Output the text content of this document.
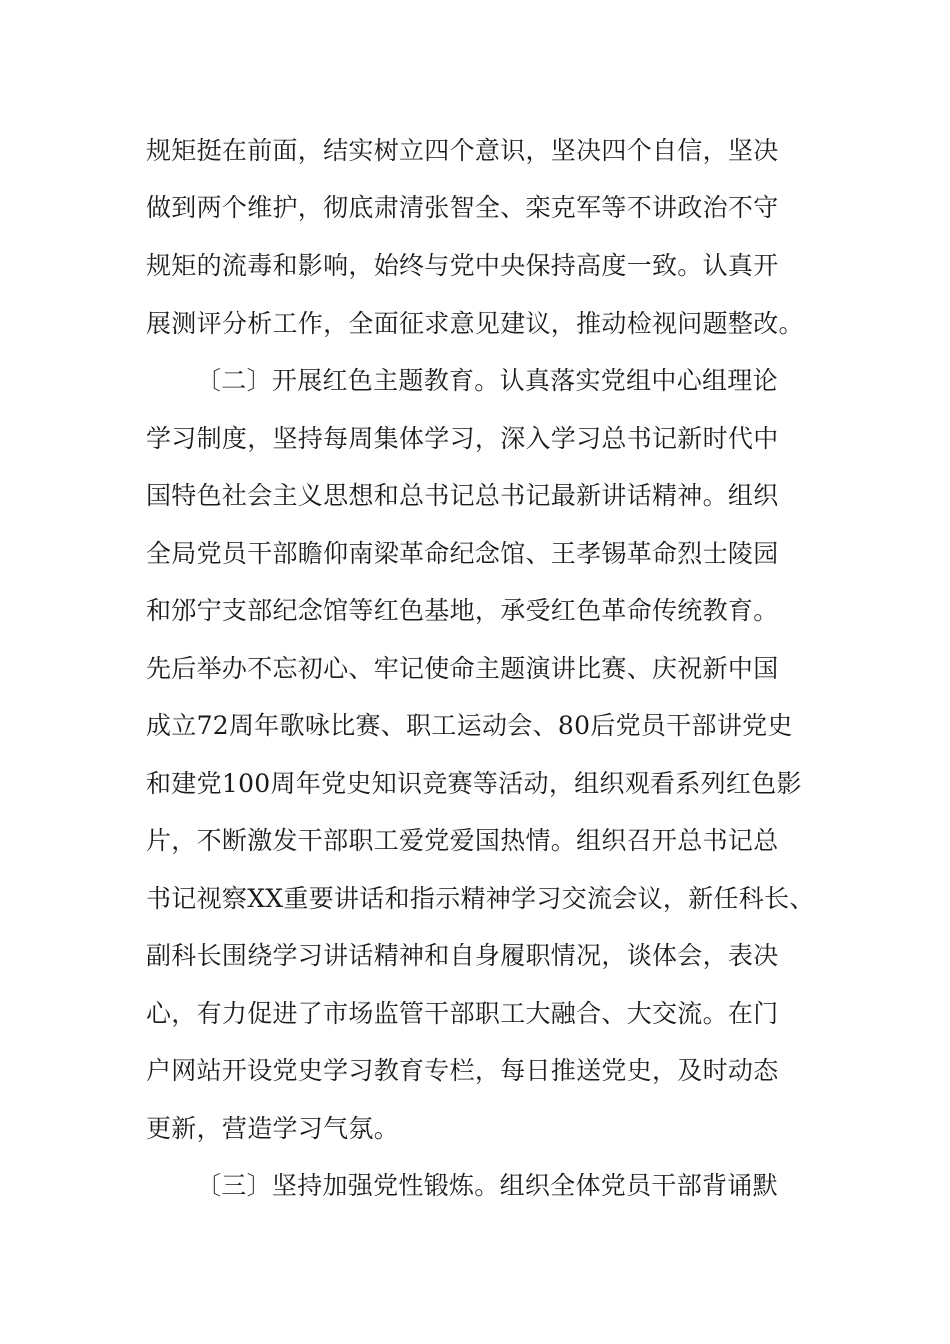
规矩挺在前面，结实树立四个意识，坚决四个自信，坚决
做到两个维护，彻底肃清张智全、栾克军等不讲政治不守
规矩的流毒和影响，始终与党中央保持高度一致。认真开
展测评分析工作，全面征求意见建议，推动检视问题整改。
〔二〕开展红色主题教育。认真落实党组中心组理论
学习制度，坚持每周集体学习，深入学习总书记新时代中
国特色社会主义思想和总书记总书记最新讲话精神。组织
全局党员干部瞻仰南梁革命纪念馆、王孝锡革命烈士陵园
和邠宁支部纪念馆等红色基地，承受红色革命传统教育。
先后举办不忘初心、牢记使命主题演讲比赛、庆祝新中国
成立72周年歌咏比赛、职工运动会、80后党员干部讲党史
和建党100周年党史知识竞赛等活动，组织观看系列红色影
片，不断激发干部职工爱党爱国热情。组织召开总书记总
书记视察XX重要讲话和指示精神学习交流会议，新任科长、
副科长围绕学习讲话精神和自身履职情况，谈体会，表决
心，有力促进了市场监管干部职工大融合、大交流。在门
户网站开设党史学习教育专栏，每日推送党史，及时动态
更新，营造学习气氛。
〔三〕坚持加强党性锻炼。组织全体党员干部背诵默
